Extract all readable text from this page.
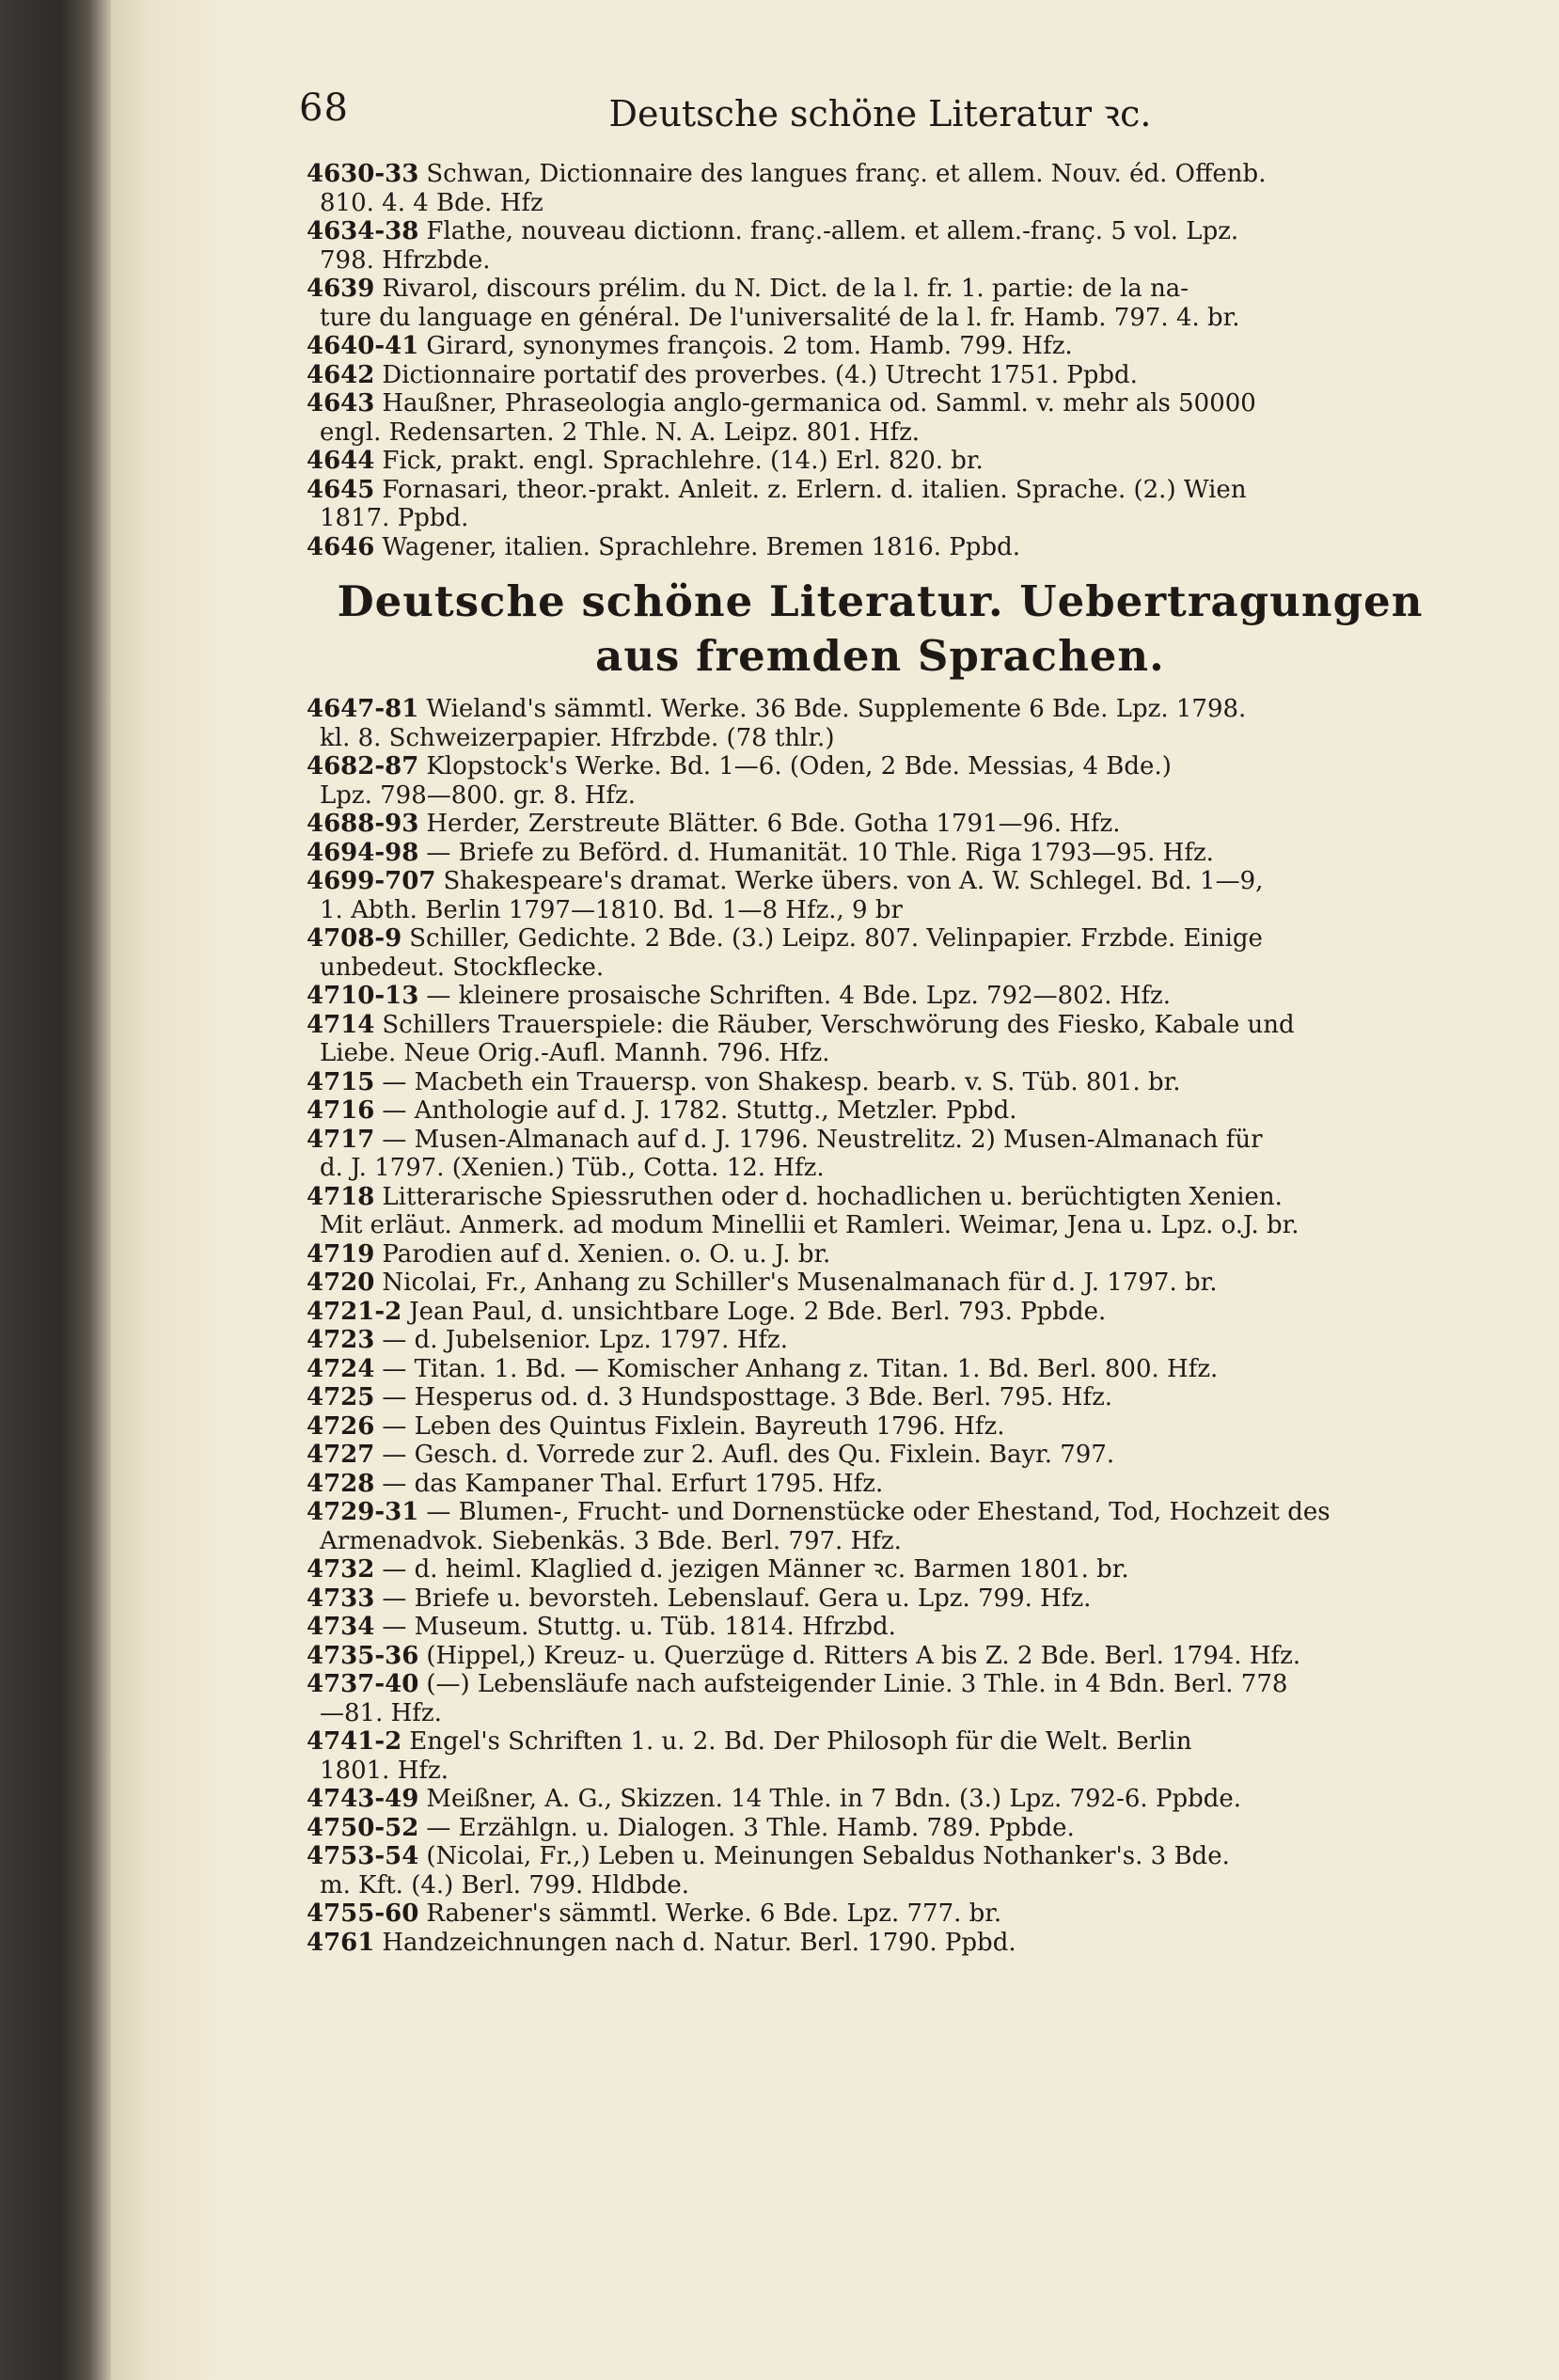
68	Deutsche schöne Literatur ꝛc.
4630-33 Schwan, Dictionnaire des langues franç. et allem. Nouv. éd. Offenb.
810. 4. 4 Bde. Hfz
4634-38 Flathe, nouveau dictionn. franç.-allem. et allem.-franç. 5 vol. Lpz.
798. Hfrzbde.
4639 Rivarol, discours prélim. du N. Dict. de la l. fr. 1. partie: de la na-
ture du language en général. De l'universalité de la l. fr. Hamb. 797. 4. br.
4640-41 Girard, synonymes françois. 2 tom. Hamb. 799. Hfz.
4642 Dictionnaire portatif des proverbes. (4.) Utrecht 1751. Ppbd.
4643 Haußner, Phraseologia anglo-germanica od. Samml. v. mehr als 50000
engl. Redensarten. 2 Thle. N. A. Leipz. 801. Hfz.
4644 Fick, prakt. engl. Sprachlehre. (14.) Erl. 820. br.
4645 Fornasari, theor.-prakt. Anleit. z. Erlern. d. italien. Sprache. (2.) Wien
1817. Ppbd.
4646 Wagener, italien. Sprachlehre. Bremen 1816. Ppbd.
Deutsche schöne Literatur. Uebertragungen aus fremden Sprachen.
4647-81 Wieland's sämmtl. Werke. 36 Bde. Supplemente 6 Bde. Lpz. 1798.
kl. 8. Schweizerpapier. Hfrzbde. (78 thlr.)
4682-87 Klopstock's Werke. Bd. 1—6. (Oden, 2 Bde. Messias, 4 Bde.)
Lpz. 798—800. gr. 8. Hfz.
4688-93 Herder, Zerstreute Blätter. 6 Bde. Gotha 1791—96. Hfz.
4694-98 — Briefe zu Beförd. d. Humanität. 10 Thle. Riga 1793—95. Hfz.
4699-707 Shakespeare's dramat. Werke übers. von A. W. Schlegel. Bd. 1—9,
1. Abth. Berlin 1797—1810. Bd. 1—8 Hfz., 9 br
4708-9 Schiller, Gedichte. 2 Bde. (3.) Leipz. 807. Velinpapier. Frzbde. Einige
unbedeut. Stockflecke.
4710-13 — kleinere prosaische Schriften. 4 Bde. Lpz. 792—802. Hfz.
4714 Schillers Trauerspiele: die Räuber, Verschwörung des Fiesko, Kabale und
Liebe. Neue Orig.-Aufl. Mannh. 796. Hfz.
4715 — Macbeth ein Trauersp. von Shakesp. bearb. v. S. Tüb. 801. br.
4716 — Anthologie auf d. J. 1782. Stuttg., Metzler. Ppbd.
4717 — Musen-Almanach auf d. J. 1796. Neustrelitz. 2) Musen-Almanach für
d. J. 1797. (Xenien.) Tüb., Cotta. 12. Hfz.
4718 Litterarische Spiessruthen oder d. hochadlichen u. berüchtigten Xenien.
Mit erläut. Anmerk. ad modum Minellii et Ramleri. Weimar, Jena u. Lpz. o.J. br.
4719 Parodien auf d. Xenien. o. O. u. J. br.
4720 Nicolai, Fr., Anhang zu Schiller's Musenalmanach für d. J. 1797. br.
4721-2 Jean Paul, d. unsichtbare Loge. 2 Bde. Berl. 793. Ppbde.
4723 — d. Jubelsenior. Lpz. 1797. Hfz.
4724 — Titan. 1. Bd. — Komischer Anhang z. Titan. 1. Bd. Berl. 800. Hfz.
4725 — Hesperus od. d. 3 Hundsposttage. 3 Bde. Berl. 795. Hfz.
4726 — Leben des Quintus Fixlein. Bayreuth 1796. Hfz.
4727 — Gesch. d. Vorrede zur 2. Aufl. des Qu. Fixlein. Bayr. 797.
4728 — das Kampaner Thal. Erfurt 1795. Hfz.
4729-31 — Blumen-, Frucht- und Dornenstücke oder Ehestand, Tod, Hochzeit des
Armenadvok. Siebenkäs. 3 Bde. Berl. 797. Hfz.
4732 — d. heiml. Klaglied d. jezigen Männer ꝛc. Barmen 1801. br.
4733 — Briefe u. bevorsteh. Lebenslauf. Gera u. Lpz. 799. Hfz.
4734 — Museum. Stuttg. u. Tüb. 1814. Hfrzbd.
4735-36 (Hippel,) Kreuz- u. Querzüge d. Ritters A bis Z. 2 Bde. Berl. 1794. Hfz.
4737-40 (—) Lebensläufe nach aufsteigender Linie. 3 Thle. in 4 Bdn. Berl. 778
—81. Hfz.
4741-2 Engel's Schriften 1. u. 2. Bd. Der Philosoph für die Welt. Berlin
1801. Hfz.
4743-49 Meißner, A. G., Skizzen. 14 Thle. in 7 Bdn. (3.) Lpz. 792-6. Ppbde.
4750-52 — Erzählgn. u. Dialogen. 3 Thle. Hamb. 789. Ppbde.
4753-54 (Nicolai, Fr.,) Leben u. Meinungen Sebaldus Nothanker's. 3 Bde.
m. Kft. (4.) Berl. 799. Hldbde.
4755-60 Rabener's sämmtl. Werke. 6 Bde. Lpz. 777. br.
4761 Handzeichnungen nach d. Natur. Berl. 1790. Ppbd.
